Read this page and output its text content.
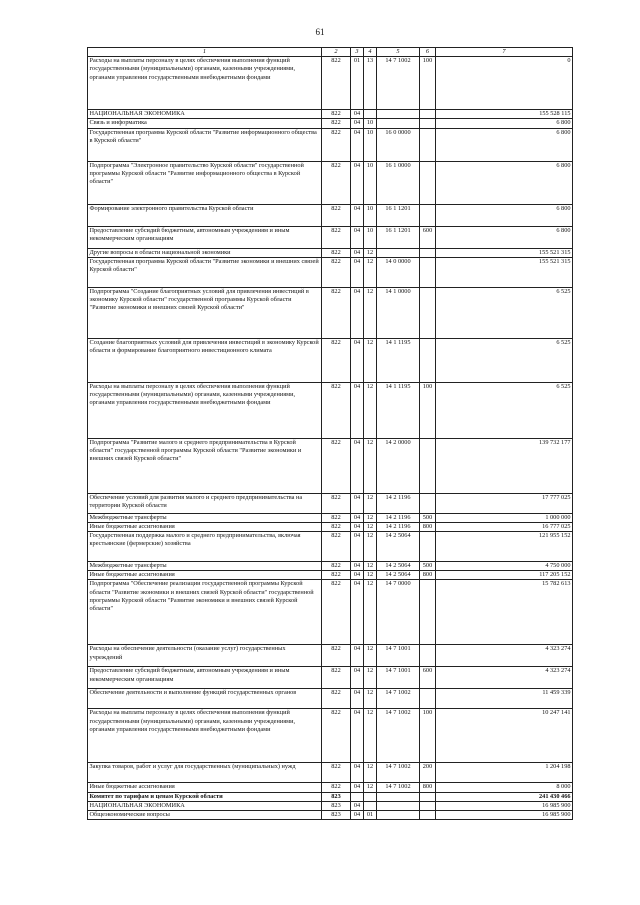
61
1	2	3	4	5	6	7
Расходы на выплаты персоналу в целях обеспечения выполнения функций государственными (муниципальными) органами, казенными учреждениями, органами управления государственными внебюджетными фондами	822	01	13	14 7 1002	100	0
НАЦИОНАЛЬНАЯ ЭКОНОМИКА	822	04				155 528 115
Связь и информатика	822	04	10			6 800
Государственная программа Курской области "Развитие информационного общества в Курской области"	822	04	10	16 0 0000		6 800
Подпрограмма "Электронное правительство Курской области" государственной программы Курской области "Развитие информационного общества в Курской области"	822	04	10	16 1 0000		6 800
Формирование электронного правительства Курской области	822	04	10	16 1 1201		6 800
Предоставление субсидий бюджетным, автономным учреждениям и иным некоммерческим организациям	822	04	10	16 1 1201	600	6 800
Другие вопросы в области национальной экономики	822	04	12			155 521 315
Государственная программа Курской области "Развитие экономики и внешних связей Курской области"	822	04	12	14 0 0000		155 521 315
Подпрограмма "Создание благоприятных условий для привлечения инвестиций в экономику Курской области" государственной программы Курской области "Развитие экономики и внешних связей Курской области"	822	04	12	14 1 0000		6 525
Создание благоприятных условий для привлечения инвестиций в экономику Курской области и формирование благоприятного инвестиционного климата	822	04	12	14 1 1195		6 525
Расходы на выплаты персоналу в целях обеспечения выполнения функций государственными (муниципальными) органами, казенными учреждениями, органами управления государственными внебюджетными фондами	822	04	12	14 1 1195	100	6 525
Подпрограмма "Развитие малого и среднего предпринимательства в Курской области" государственной программы Курской области "Развитие экономики и внешних связей Курской области"	822	04	12	14 2 0000		139 732 177
Обеспечение условий для развития малого и среднего предпринимательства на территории Курской области	822	04	12	14 2 1196		17 777 025
Межбюджетные трансферты	822	04	12	14 2 1196	500	1 000 000
Иные бюджетные ассигнования	822	04	12	14 2 1196	800	16 777 025
Государственная поддержка малого и среднего предпринимательства, включая крестьянские (фермерские) хозяйства	822	04	12	14 2 5064		121 955 152
Межбюджетные трансферты	822	04	12	14 2 5064	500	4 750 000
Иные бюджетные ассигнования	822	04	12	14 2 5064	800	117 205 152
Подпрограмма "Обеспечение реализации государственной программы Курской области "Развитие экономики и внешних связей Курской области" государственной программы Курской области "Развитие экономики и внешних связей Курской области"	822	04	12	14 7 0000		15 782 613
Расходы на обеспечение деятельности (оказание услуг) государственных учреждений	822	04	12	14 7 1001		4 323 274
Предоставление субсидий бюджетным, автономным учреждениям и иным некоммерческим организациям	822	04	12	14 7 1001	600	4 323 274
Обеспечение деятельности и выполнение функций государственных органов	822	04	12	14 7 1002		11 459 339
Расходы на выплаты персоналу в целях обеспечения выполнения функций государственными (муниципальными) органами, казенными учреждениями, органами управления государственными внебюджетными фондами	822	04	12	14 7 1002	100	10 247 141
Закупка товаров, работ и услуг для государственных (муниципальных) нужд	822	04	12	14 7 1002	200	1 204 198
Иные бюджетные ассигнования	822	04	12	14 7 1002	800	8 000
Комитет по тарифам и ценам Курской области	823					241 430 466
НАЦИОНАЛЬНАЯ ЭКОНОМИКА	823	04				16 985 900
Общеэкономические вопросы	823	04	01			16 985 900
